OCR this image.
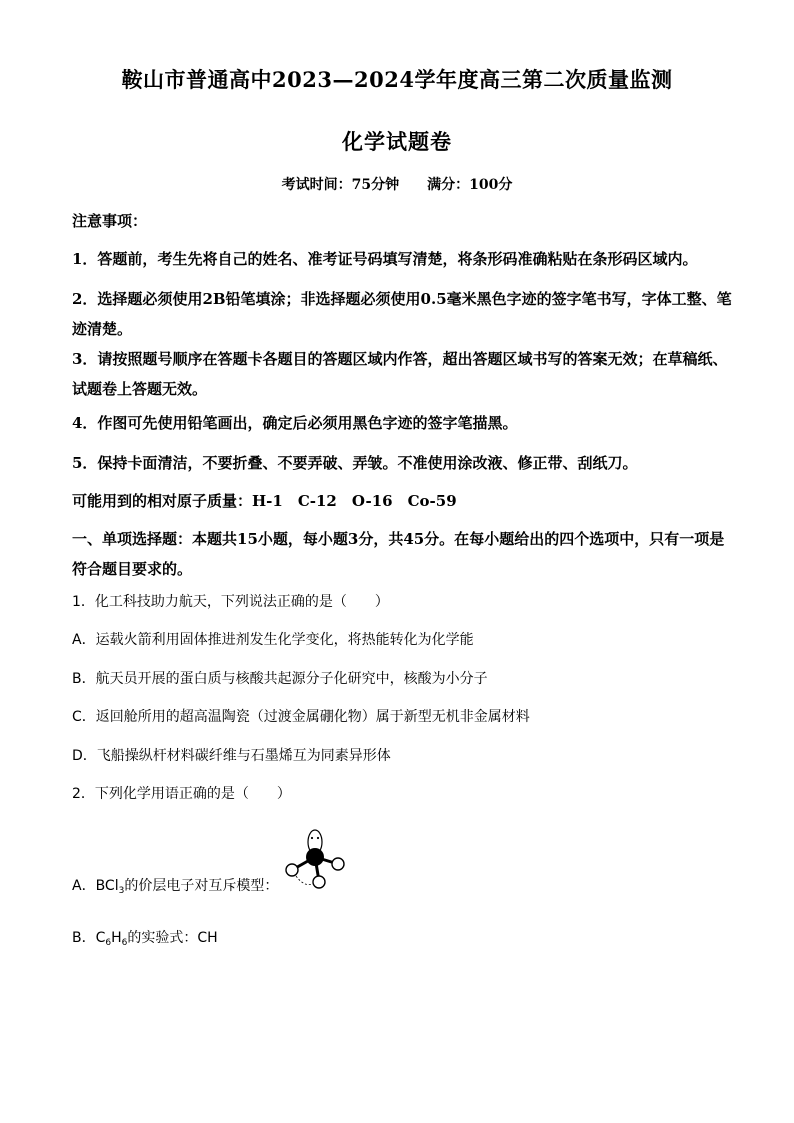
鞍山市普通高中2023—2024学年度高三第二次质量监测
化学试题卷
考试时间：75分钟 满分：100分
注意事项：
1．答题前，考生先将自己的姓名、准考证号码填写清楚，将条形码准确粘贴在条形码区域内。
2．选择题必须使用2B铅笔填涂；非选择题必须使用0.5毫米黑色字迹的签字笔书写，字体工整、笔迹清楚。
3．请按照题号顺序在答题卡各题目的答题区域内作答，超出答题区域书写的答案无效；在草稿纸、试题卷上答题无效。
4．作图可先使用铅笔画出，确定后必须用黑色字迹的签字笔描黑。
5．保持卡面清洁，不要折叠、不要弄破、弄皱。不准使用涂改液、修正带、刮纸刀。
可能用到的相对原子质量：H-1　C-12　O-16　Co-59
一、单项选择题：本题共15小题，每小题3分，共45分。在每小题给出的四个选项中，只有一项是符合题目要求的。
1．化工科技助力航天，下列说法正确的是（　　）
A．运载火箭利用固体推进剂发生化学变化，将热能转化为化学能
B．航天员开展的蛋白质与核酸共起源分子化研究中，核酸为小分子
C．返回舱所用的超高温陶瓷（过渡金属硼化物）属于新型无机非金属材料
D．飞船操纵杆材料碳纤维与石墨烯互为同素异形体
2．下列化学用语正确的是（　　）
A．BCl$_3$的价层电子对互斥模型：
B．$C_6H_6$的实验式：CH
